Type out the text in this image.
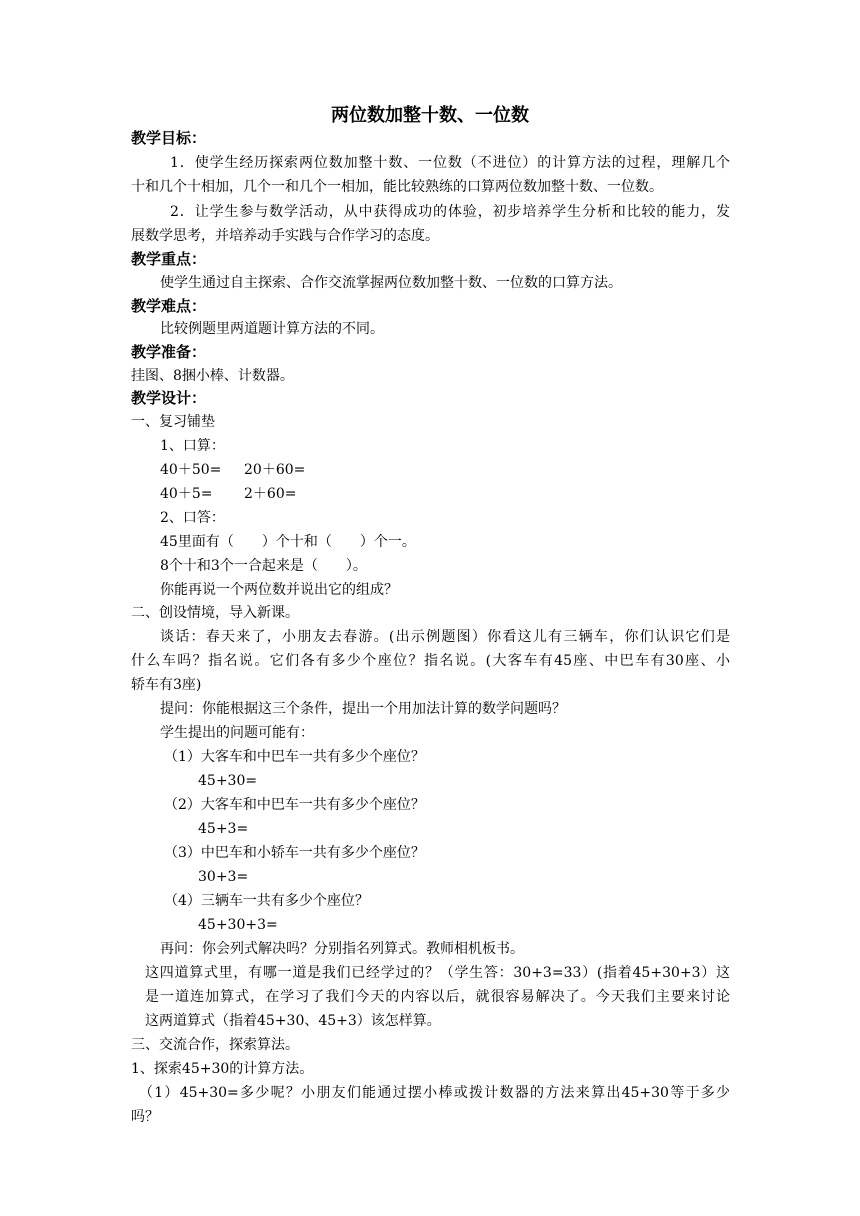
两位数加整十数、一位数
教学目标：
1．使学生经历探索两位数加整十数、一位数（不进位）的计算方法的过程，理解几个
十和几个十相加，几个一和几个一相加，能比较熟练的口算两位数加整十数、一位数。
2．让学生参与数学活动，从中获得成功的体验，初步培养学生分析和比较的能力，发
展数学思考，并培养动手实践与合作学习的态度。
教学重点：
使学生通过自主探索、合作交流掌握两位数加整十数、一位数的口算方法。
教学难点：
比较例题里两道题计算方法的不同。
教学准备：
挂图、8捆小棒、计数器。
教学设计：
一、复习铺垫
1、口算：
40＋50= 20＋60=
40＋5= 2＋60=
2、口答：
45里面有（　　）个十和（　　）个一。
8个十和3个一合起来是（　　）。
你能再说一个两位数并说出它的组成？
二、创设情境，导入新课。
谈话：春天来了，小朋友去春游。(出示例题图）你看这儿有三辆车，你们认识它们是
什么车吗？指名说。它们各有多少个座位？指名说。(大客车有45座、中巴车有30座、小
轿车有3座)
提问：你能根据这三个条件，提出一个用加法计算的数学问题吗？
学生提出的问题可能有：
（1）大客车和中巴车一共有多少个座位？
45+30=
（2）大客车和中巴车一共有多少个座位？
45+3=
（3）中巴车和小轿车一共有多少个座位？
30+3=
（4）三辆车一共有多少个座位？
45+30+3=
再问：你会列式解决吗？分别指名列算式。教师相机板书。
这四道算式里，有哪一道是我们已经学过的？（学生答：30+3=33）(指着45+30+3）这
是一道连加算式，在学习了我们今天的内容以后，就很容易解决了。今天我们主要来讨论
这两道算式（指着45+30、45+3）该怎样算。
三、交流合作，探索算法。
1、探索45+30的计算方法。
（1）45+30=多少呢？小朋友们能通过摆小棒或拨计数器的方法来算出45+30等于多少
吗？
